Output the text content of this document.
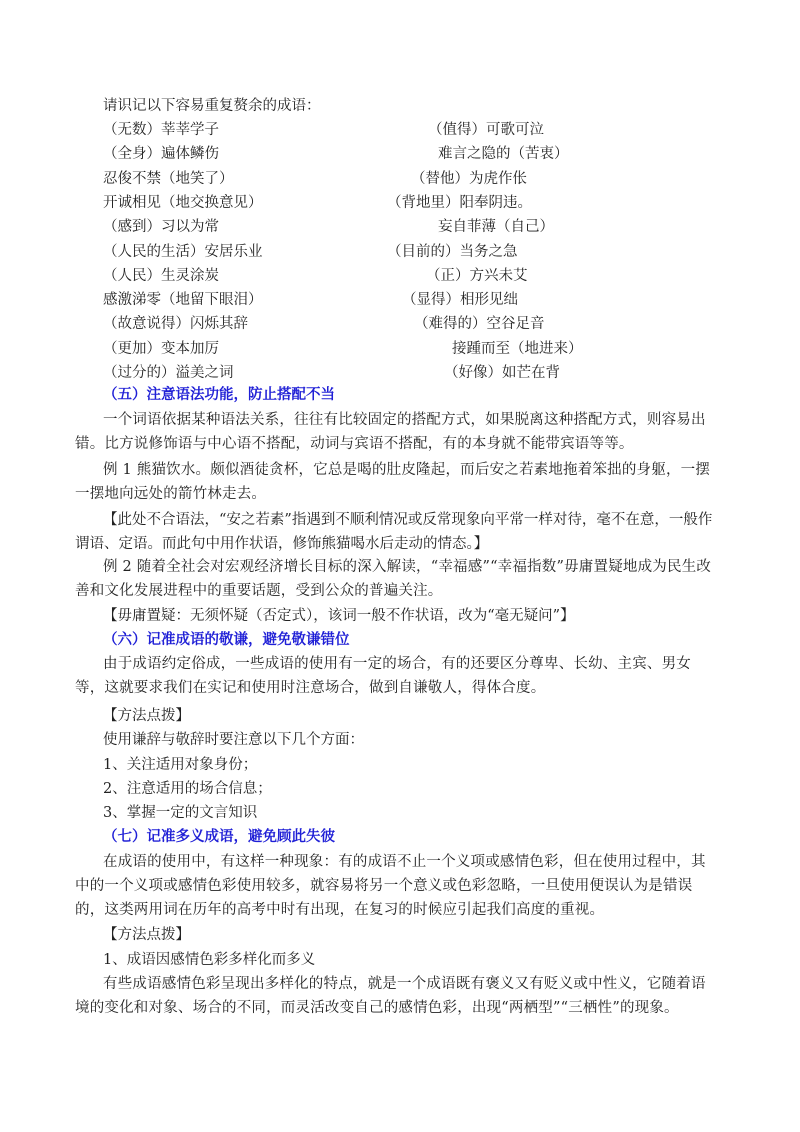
请识记以下容易重复赘余的成语：
（无数）莘莘学子	（值得）可歌可泣
（全身）遍体鳞伤	难言之隐的（苦衷）
忍俊不禁（地笑了）	（替他）为虎作伥
开诚相见（地交换意见）	（背地里）阳奉阴违。
（感到）习以为常	妄自菲薄（自己）
（人民的生活）安居乐业	（目前的）当务之急
（人民）生灵涂炭	（正）方兴未艾
感激涕零（地留下眼泪）	（显得）相形见绌
（故意说得）闪烁其辞	（难得的）空谷足音
（更加）变本加厉	接踵而至（地进来）
（过分的）溢美之词	（好像）如芒在背
（五）注意语法功能，防止搭配不当
一个词语依据某种语法关系，往往有比较固定的搭配方式，如果脱离这种搭配方式，则容易出错。比方说修饰语与中心语不搭配，动词与宾语不搭配，有的本身就不能带宾语等等。
例 1 熊猫饮水。颇似酒徒贪杯，它总是喝的肚皮隆起，而后安之若素地拖着笨拙的身躯，一摆一摆地向远处的箭竹林走去。
【此处不合语法，“安之若素”指遇到不顺利情况或反常现象向平常一样对待，毫不在意，一般作谓语、定语。而此句中用作状语，修饰熊猫喝水后走动的情态。】
例 2 随着全社会对宏观经济增长目标的深入解读，“幸福感”“幸福指数”毋庸置疑地成为民生改善和文化发展进程中的重要话题，受到公众的普遍关注。
【毋庸置疑：无须怀疑（否定式），该词一般不作状语，改为“毫无疑问”】
（六）记准成语的敬谦，避免敬谦错位
由于成语约定俗成，一些成语的使用有一定的场合，有的还要区分尊卑、长幼、主宾、男女等，这就要求我们在实记和使用时注意场合，做到自谦敬人，得体合度。
【方法点拨】
使用谦辞与敬辞时要注意以下几个方面：
1、关注适用对象身份；
2、注意适用的场合信息；
3、掌握一定的文言知识
（七）记准多义成语，避免顾此失彼
在成语的使用中，有这样一种现象：有的成语不止一个义项或感情色彩，但在使用过程中，其中的一个义项或感情色彩使用较多，就容易将另一个意义或色彩忽略，一旦使用便误认为是错误的，这类两用词在历年的高考中时有出现，在复习的时候应引起我们高度的重视。
【方法点拨】
1、成语因感情色彩多样化而多义
有些成语感情色彩呈现出多样化的特点，就是一个成语既有褒义又有贬义或中性义，它随着语境的变化和对象、场合的不同，而灵活改变自己的感情色彩，出现“两栖型”“三栖性”的现象。
